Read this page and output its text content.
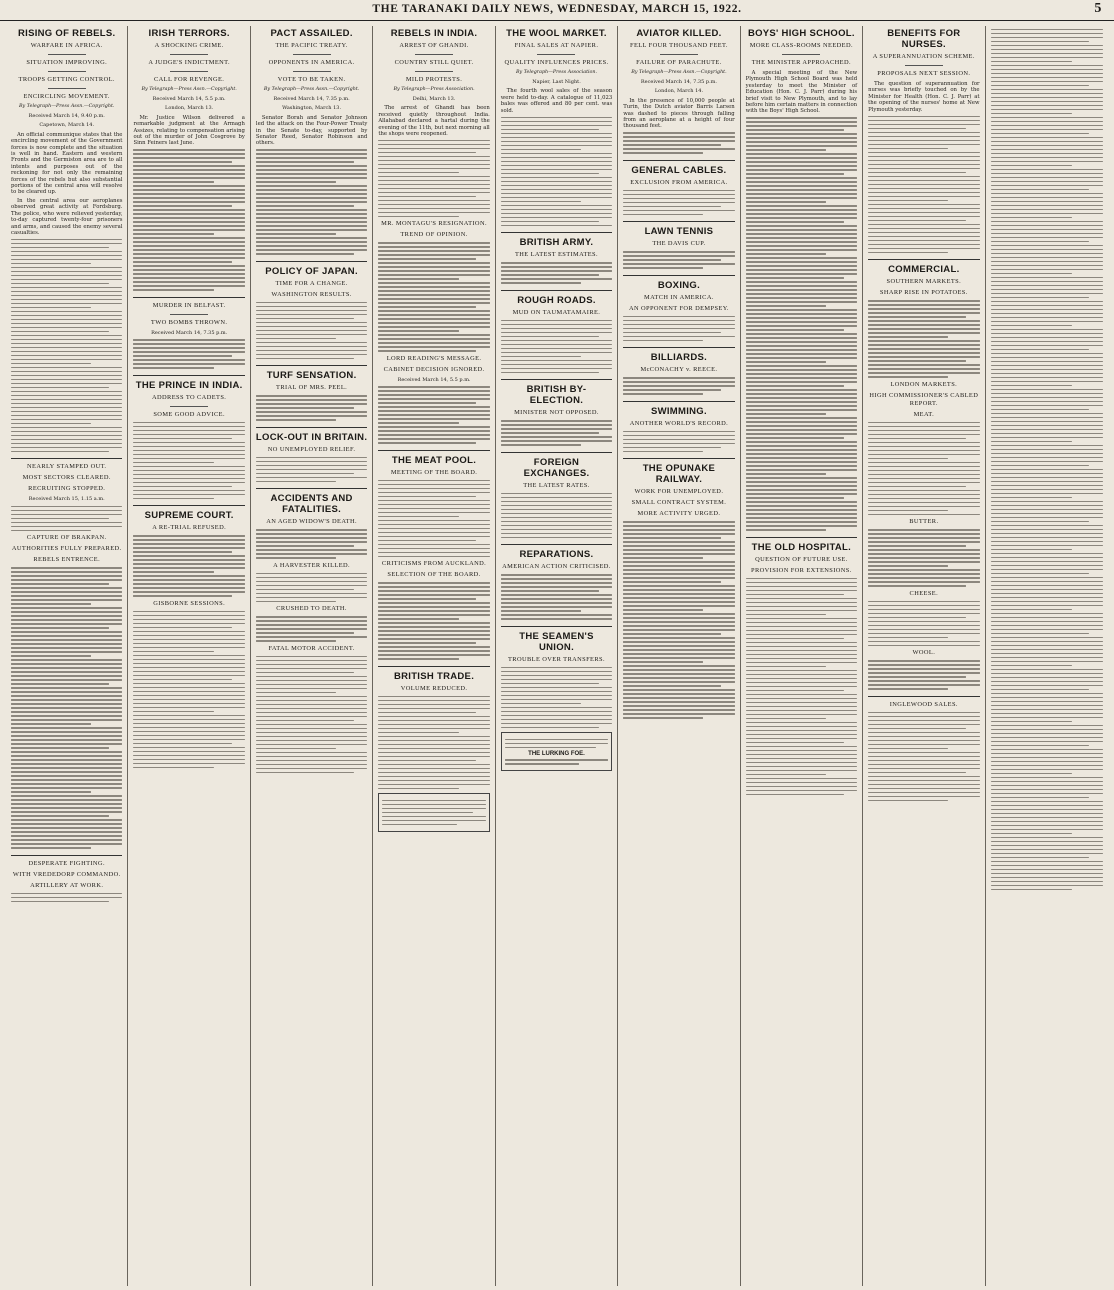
THE TARANAKI DAILY NEWS, WEDNESDAY, MARCH 15, 1922.	5
RISING OF REBELS.
WARFARE IN AFRICA.
SITUATION IMPROVING.
TROOPS GETTING CONTROL.
ENCIRCLING MOVEMENT.
By Telegraph—Press Assn.—Copyright.
Received March 14, 9.40 p.m.
Capetown, March 14.

An official communique states that the encircling movement of the Government forces is now complete and the situation is well in hand. Eastern and western Fronts and the Germiston area are to all intents and purposes out of the reckoning for not only the remaining forces of the rebels but also substantial portions of the central area will resolve to be cleared up.

In the central area our aeroplanes observed great activity at Fordsburg. The police, who were relieved yesterday, to-day captured twenty-four prisoners and arms, and caused the enemy several casualties.

NEARLY STAMPED OUT.
MOST SECTORS CLEARED.
RECRUITING STOPPED.
Received March 15, 1.15 a.m.
CAPTURE OF BRAKPAN.
AUTHORITIES FULLY PREPARED.
REBELS ENTRENCE.
DESPERATE FIGHTING.
WITH VREDEDORP COMMANDO.
ARTILLERY AT WORK.
IRISH TERRORS.
A SHOCKING CRIME.
A JUDGE'S INDICTMENT.
CALL FOR REVENGE.
By Telegraph—Press Assn.—Copyright.
Received March 14, 5.5 p.m.
London, March 13.

Mr. Justice Wilson delivered a remarkable judgment at the Armagh Assizes, relating to compensation arising out of the murder of John Cosgrove by Sinn Feiners last June.

MURDER IN BELFAST.
TWO BOMBS THROWN.
Received March 14, 7.35 p.m.
THE PRINCE IN INDIA.
ADDRESS TO CADETS.
SOME GOOD ADVICE.
SUPREME COURT.
A RE-TRIAL REFUSED.
GISBORNE SESSIONS.
PACT ASSAILED.
THE PACIFIC TREATY.
OPPONENTS IN AMERICA.
VOTE TO BE TAKEN.
By Telegraph—Press Assn.—Copyright.
Received March 14, 7.35 p.m.
Washington, March 13.

Senator Borah and Senator Johnson led the attack on the Four-Power Treaty in the Senate to-day, supported by Senator Reed, Senator Robinson and others.

POLICY OF JAPAN.
TIME FOR A CHANGE.
WASHINGTON RESULTS.
TURF SENSATION.
TRIAL OF MRS. PEEL.
LOCK-OUT IN BRITAIN.
NO UNEMPLOYED RELIEF.
ACCIDENTS AND FATALITIES.
AN AGED WIDOW'S DEATH.
A HARVESTER KILLED.
CRUSHED TO DEATH.
FATAL MOTOR ACCIDENT.
REBELS IN INDIA.
ARREST OF GHANDI.
COUNTRY STILL QUIET.
MILD PROTESTS.
By Telegraph—Press Association.
Delhi, March 13.

The arrest of Ghandi has been received quietly throughout India. Allahabad declared a hartal during the evening of the 11th, but next morning all the shops were reopened.

MR. MONTAGU'S RESIGNATION.
TREND OF OPINION.
LORD READING'S MESSAGE.
CABINET DECISION IGNORED.
Received March 14, 5.5 p.m.
THE MEAT POOL.
MEETING OF THE BOARD.
CRITICISMS FROM AUCKLAND.
SELECTION OF THE BOARD.
BRITISH TRADE.
VOLUME REDUCED.
THE WOOL MARKET.
FINAL SALES AT NAPIER.
QUALITY INFLUENCES PRICES.
By Telegraph—Press Association.
Napier, Last Night.

The fourth wool sales of the season were held to-day. A catalogue of 11,023 bales was offered and 80 per cent. was sold.

BRITISH ARMY.
THE LATEST ESTIMATES.
ROUGH ROADS.
MUD ON TAUMATAMAIRE.
BRITISH BY-ELECTION.
MINISTER NOT OPPOSED.
FOREIGN EXCHANGES.
THE LATEST RATES.
REPARATIONS.
AMERICAN ACTION CRITICISED.
THE SEAMEN'S UNION.
TROUBLE OVER TRANSFERS.
THE LURKING FOE.
AVIATOR KILLED.
FELL FOUR THOUSAND FEET.
FAILURE OF PARACHUTE.
By Telegraph—Press Assn.—Copyright.
Received March 14, 7.35 p.m.
London, March 14.

In the presence of 10,000 people at Turin, the Dutch aviator Barris Larsen was dashed to pieces through falling from an aeroplane at a height of four thousand feet.

GENERAL CABLES.
EXCLUSION FROM AMERICA.
LAWN TENNIS
THE DAVIS CUP.
BOXING.
MATCH IN AMERICA.
AN OPPONENT FOR DEMPSEY.
BILLIARDS.
McCONACHY v. REECE.
SWIMMING.
ANOTHER WORLD'S RECORD.
THE OPUNAKE RAILWAY.
WORK FOR UNEMPLOYED.
SMALL CONTRACT SYSTEM.
MORE ACTIVITY URGED.
BOYS' HIGH SCHOOL.
MORE CLASS-ROOMS NEEDED.
THE MINISTER APPROACHED.

A special meeting of the New Plymouth High School Board was held yesterday to meet the Minister of Education (Hon. C. J. Parr) during his brief visit to New Plymouth, and to lay before him certain matters in connection with the Boys' High School.

THE OLD HOSPITAL.
QUESTION OF FUTURE USE.
PROVISION FOR EXTENSIONS.
BENEFITS FOR NURSES.
A SUPERANNUATION SCHEME.
PROPOSALS NEXT SESSION.

The question of superannuation for nurses was briefly touched on by the Minister for Health (Hon. C. J. Parr) at the opening of the nurses' home at New Plymouth yesterday.

COMMERCIAL.
SOUTHERN MARKETS.
SHARP RISE IN POTATOES.
LONDON MARKETS.
HIGH COMMISSIONER'S CABLED REPORT.
MEAT.
BUTTER.
CHEESE.
WOOL.
INGLEWOOD SALES.
